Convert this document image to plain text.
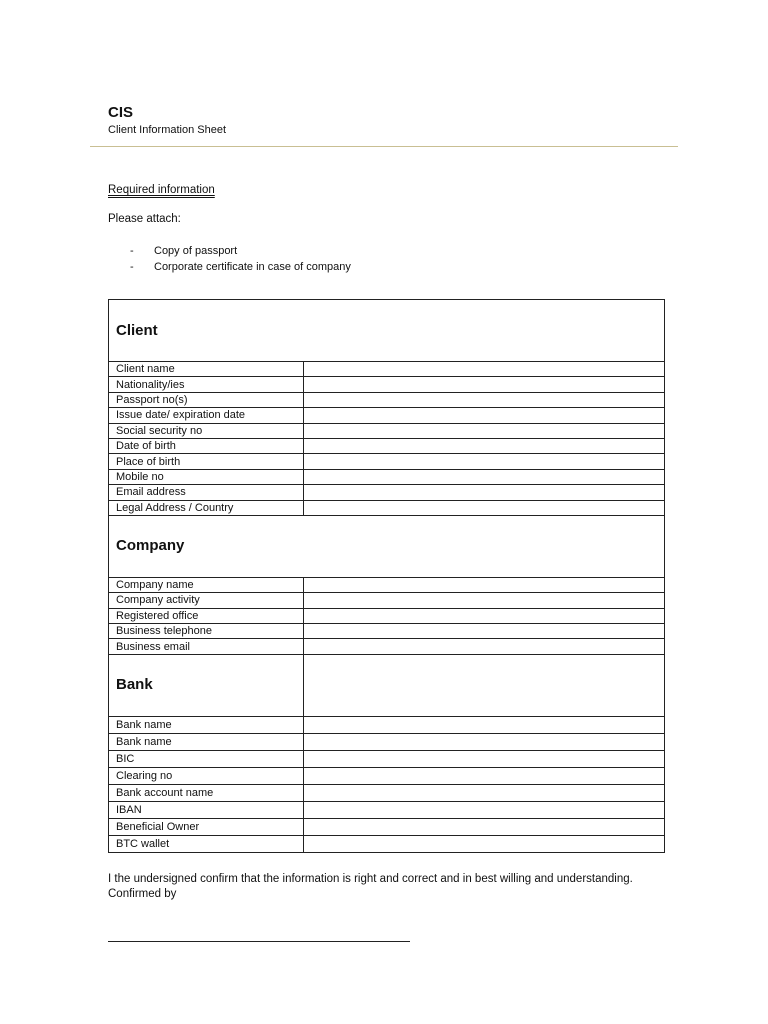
CIS
Client Information Sheet
Required information
Please attach:
-	Copy of passport
-	Corporate certificate in case of company
Client	
Client name	
Nationality/ies	
Passport no(s)	
Issue date/ expiration date	
Social security no	
Date of birth	
Place of birth	
Mobile no	
Email address	
Legal Address / Country	
Company	
Company name	
Company activity	
Registered office	
Business telephone	
Business email	
Bank	
Bank name	
Bank name	
BIC	
Clearing no	
Bank account name	
IBAN	
Beneficial Owner	
BTC wallet	
I the undersigned confirm that the information is right and correct and in best willing and understanding.
Confirmed by
